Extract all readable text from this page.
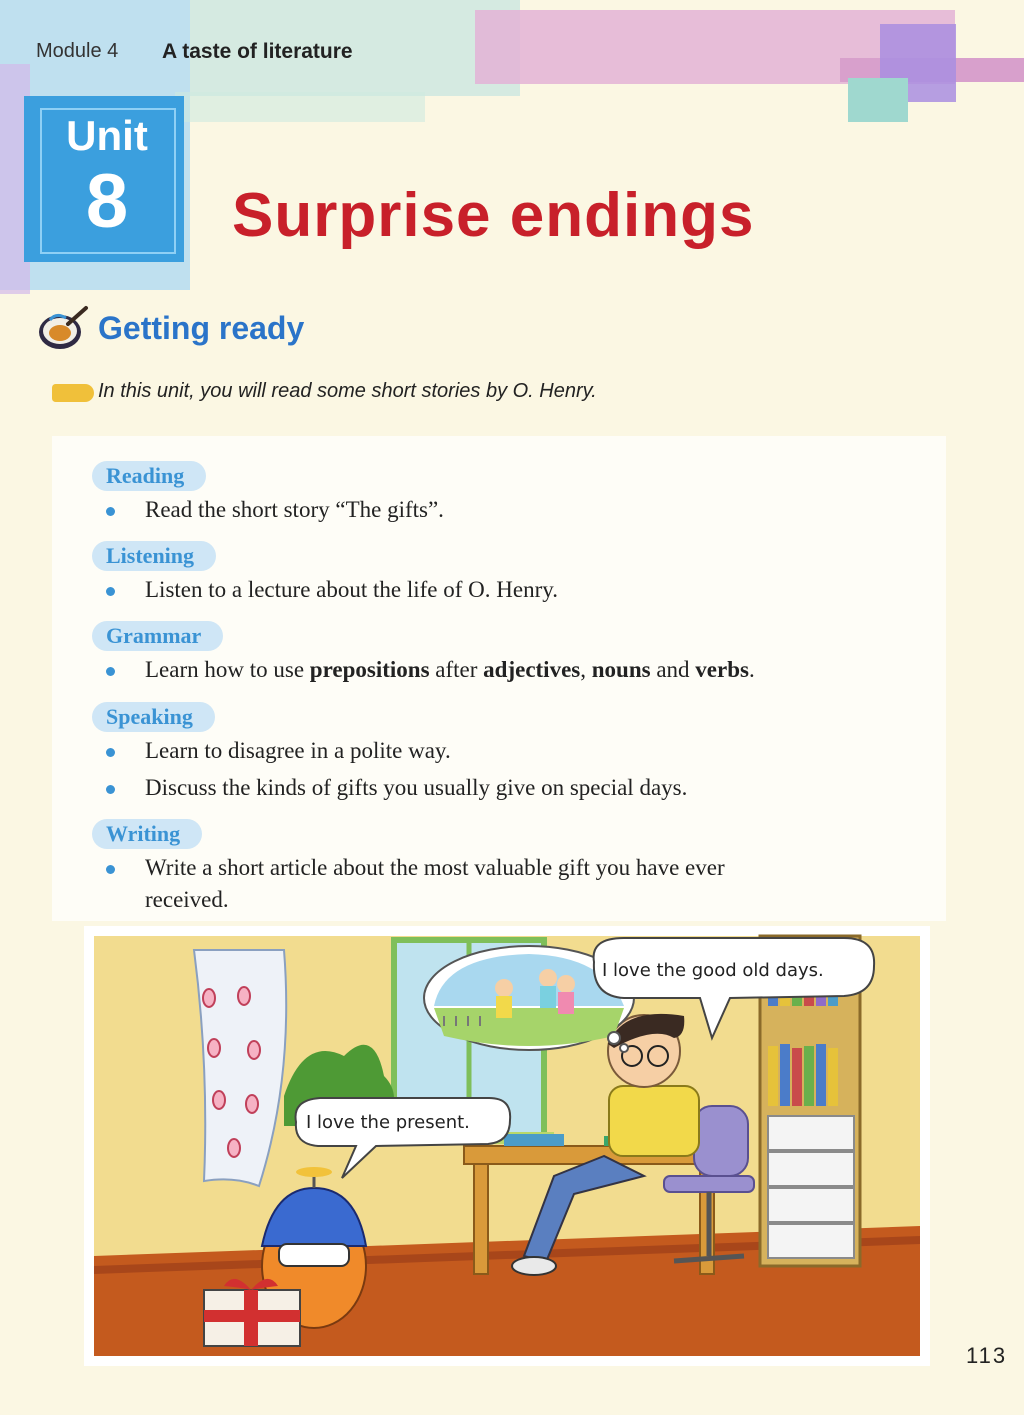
Module 4 A taste of literature
Unit
8	Surprise endings
Getting ready
In this unit, you will read some short stories by O. Henry.
Reading
Read the short story “The gifts”.
Listening
Listen to a lecture about the life of O. Henry.
Grammar
Learn how to use prepositions after adjectives, nouns and verbs.
Speaking
Learn to disagree in a polite way.
Discuss the kinds of gifts you usually give on special days.
Writing
Write a short article about the most valuable gift you have ever
received.
I love the good old days.
I love the present.
113
